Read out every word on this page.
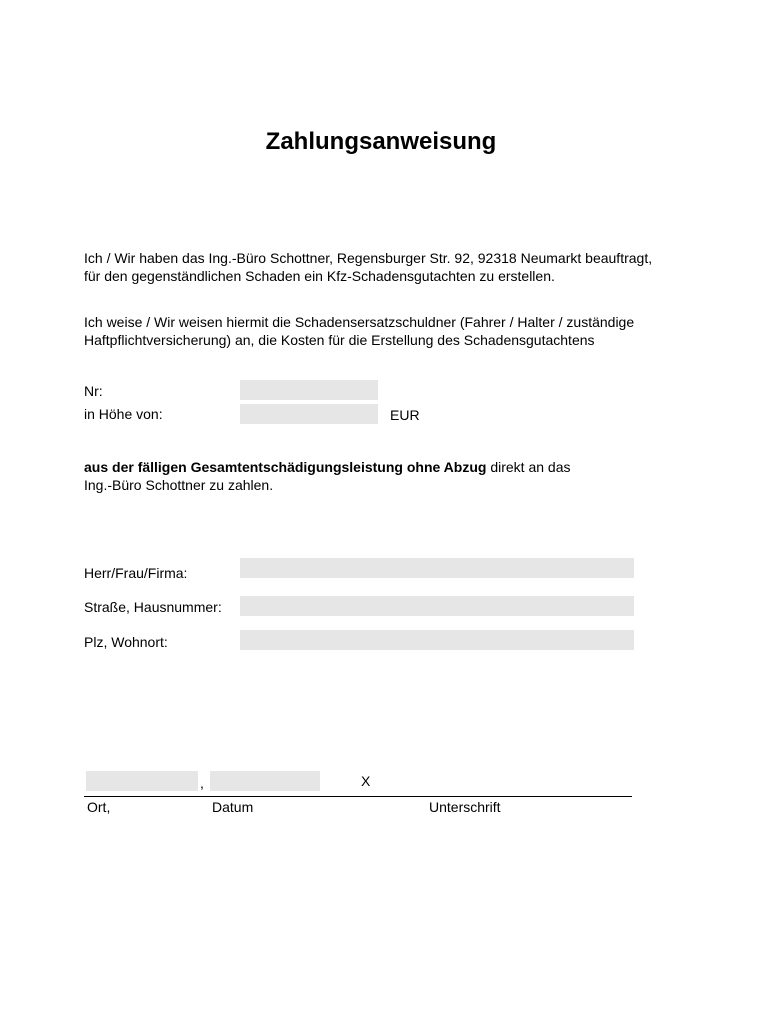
Zahlungsanweisung
Ich / Wir haben das Ing.-Büro Schottner, Regensburger Str. 92, 92318 Neumarkt beauftragt,
für den gegenständlichen Schaden ein Kfz-Schadensgutachten zu erstellen.
Ich weise / Wir weisen hiermit die Schadensersatzschuldner (Fahrer / Halter / zuständige
Haftpflichtversicherung) an, die Kosten für die Erstellung des Schadensgutachtens
Nr:
in Höhe von:	EUR
aus der fälligen Gesamtentschädigungsleistung ohne Abzug direkt an das
Ing.-Büro Schottner zu zahlen.
Herr/Frau/Firma:
Straße, Hausnummer:
Plz, Wohnort:
,	X
Ort,	Datum	Unterschrift
